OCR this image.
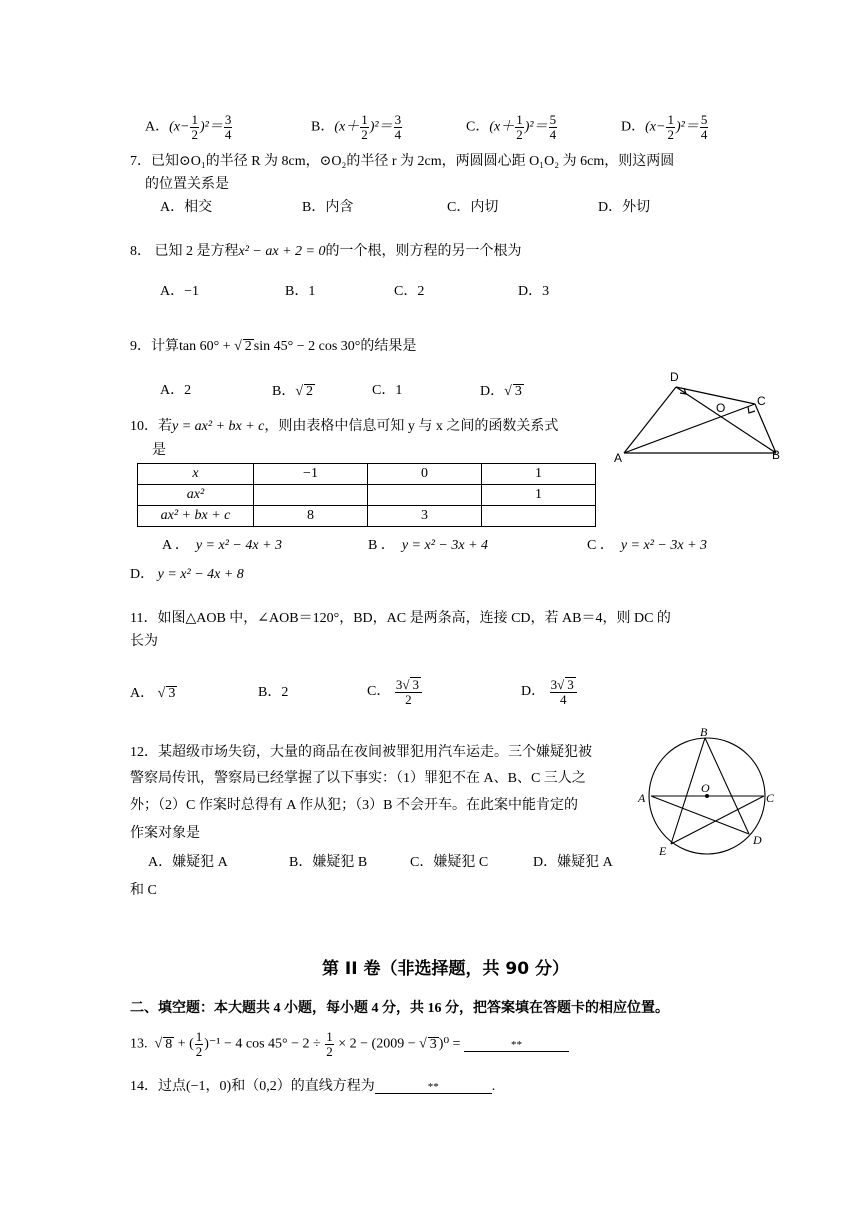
A．$(x- \frac{1}{2} )^2= \frac{3}{4}$	B．$(x+ \frac{1}{2} )^2= \frac{3}{4}$	C．$(x+ \frac{1}{2} )^2= \frac{5}{4}$	D．$(x- \frac{1}{2} )^2= \frac{5}{4}$
7．已知⊙O₁的半径 R 为 8cm，⊙O₂的半径 r 为 2cm，两圆圆心距 O₁O₂ 为 6cm，则这两圆
的位置关系是
A．相交	B．内含	C．内切	D．外切
8． 已知 2 是方程x² − ax + 2 = 0的一个根，则方程的另一个根为
A．−1	B．1	C．2	D．3
9．计算tan 60° + √ 2 sin 45° − 2 cos 30°的结果是
A．2	B．√ 2	C．1	D．√ 3
D
C
O
A	B
10．若y = ax² + bx + c，则由表格中信息可知 y 与 x 之间的函数关系式
是
x	−1	0	1
ax²			1
ax² + bx + c	8	3	
A ． y = x² − 4x + 3	B ． y = x² − 3x + 4	C ． y = x² − 3x + 3
D． y = x² − 4x + 8
11．如图△AOB 中，∠AOB＝120°，BD，AC 是两条高，连接 CD，若 AB＝4，则 DC 的
长为
A． √ 3	B．2	C． $\frac{3√ 3}{2}$	D． $\frac{3√ 3}{4}$
12．某超级市场失窃，大量的商品在夜间被罪犯用汽车运走。三个嫌疑犯被
警察局传讯，警察局已经掌握了以下事实：（1）罪犯不在 A、B、C 三人之
外；（2）C 作案时总得有 A 作从犯；（3）B 不会开车。在此案中能肯定的
作案对象是
A．嫌疑犯 A	B．嫌疑犯 B	C．嫌疑犯 C	D．嫌疑犯 A
和 C
B
O
A	C
E
D
第 II 卷（非选择题，共 90 分）
二、填空题：本大题共 4 小题，每小题 4 分，共 16 分，把答案填在答题卡的相应位置。
13.  √ 8 + ( $\frac{1}{2} )^{-1} - 4$ $\cos 45^\circ - 2 \div \frac{1}{2} \times 2 - (2009$ − √ 3 )⁰ =	**
14．过点(−1，0)和（0,2）的直线方程为	**	.
